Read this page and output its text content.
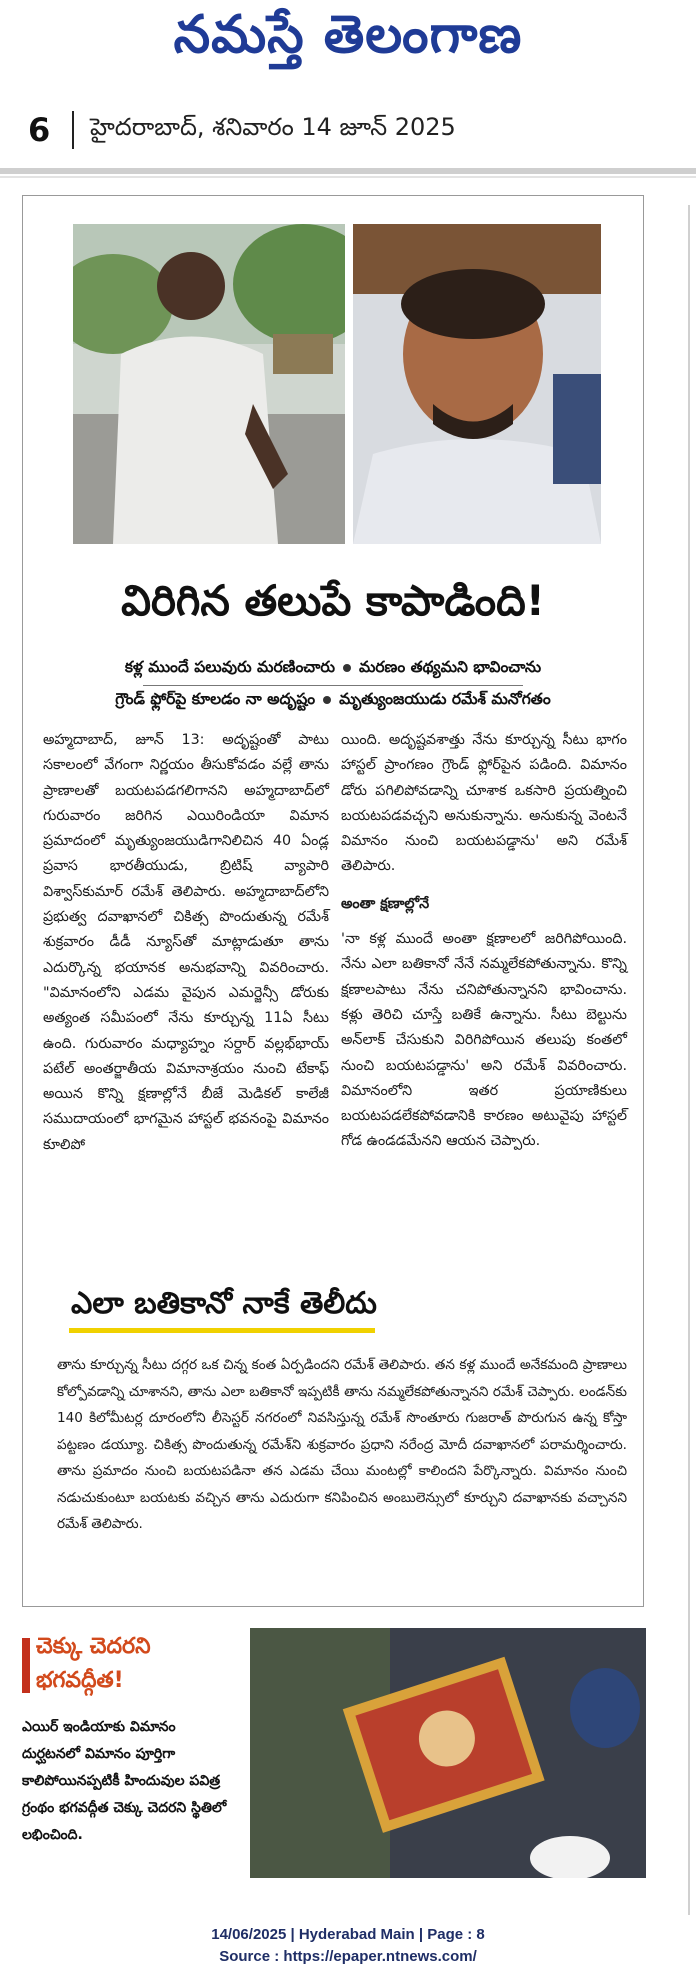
నమస్తే తెలంగాణ
6	హైదరాబాద్, శనివారం 14 జూన్ 2025
విరిగిన తలుపే కాపాడింది!
కళ్ల ముందే పలువురు మరణించారు మరణం తథ్యమని భావించాను
గ్రౌండ్ ఫ్లోర్‌పై కూలడం నా అదృష్టం మృత్యుంజయుడు రమేశ్ మనోగతం
అహ్మదాబాద్, జూన్ 13: అదృష్టంతో పాటు సకాలంలో వేగంగా నిర్ణయం తీసుకోవడం వల్లే తాను ప్రాణాలతో బయటపడగలిగానని అహ్మదాబాద్‌లో గురువారం జరిగిన ఎయిరిండియా విమాన ప్రమాదంలో మృత్యుంజయుడిగానిలిచిన 40 ఏండ్ల ప్రవాస భారతీయుడు, బ్రిటిష్ వ్యాపారి విశ్వాస్‌కుమార్ రమేశ్ తెలిపారు. అహ్మదాబాద్‌లోని ప్రభుత్వ దవాఖానలో చికిత్స పొందుతున్న రమేశ్ శుక్రవారం డీడీ న్యూస్‌తో మాట్లాడుతూ తాను ఎదుర్కొన్న భయానక అనుభవాన్ని వివరించారు. "విమానంలోని ఎడమ వైపున ఎమర్జెన్సీ డోరుకు అత్యంత సమీపంలో నేను కూర్చున్న 11ఏ సీటు ఉంది. గురువారం మధ్యాహ్నం సర్దార్ వల్లభ్‌భాయ్ పటేల్ అంతర్జాతీయ విమానాశ్రయం నుంచి టేకాఫ్ అయిన కొన్ని క్షణాల్లోనే బీజే మెడికల్ కాలేజీ సముదాయంలో భాగమైన హాస్టల్ భవనంపై విమానం కూలిపో
యింది. అదృష్టవశాత్తు నేను కూర్చున్న సీటు భాగం హాస్టల్ ప్రాంగణం గ్రౌండ్ ఫ్లోర్‌పైన పడింది. విమానం డోరు పగిలిపోవడాన్ని చూశాక ఒకసారి ప్రయత్నించి బయటపడవచ్చని అనుకున్నాను. అనుకున్న వెంటనే విమానం నుంచి బయటపడ్డాను' అని రమేశ్ తెలిపారు.
అంతా క్షణాల్లోనే
'నా కళ్ల ముందే అంతా క్షణాలలో జరిగిపోయింది. నేను ఎలా బతికానో నేనే నమ్మలేకపోతున్నాను. కొన్ని క్షణాలపాటు నేను చనిపోతున్నానని భావించాను. కళ్లు తెరిచి చూస్తే బతికే ఉన్నాను. సీటు బెల్టును అన్‌లాక్ చేసుకుని విరిగిపోయిన తలుపు కంతలో నుంచి బయటపడ్డాను' అని రమేశ్ వివరించారు. విమానంలోని ఇతర ప్రయాణికులు బయటపడలేకపోవడానికి కారణం అటువైపు హాస్టల్ గోడ ఉండడమేనని ఆయన చెప్పారు.
ఎలా బతికానో నాకే తెలీదు
తాను కూర్చున్న సీటు దగ్గర ఒక చిన్న కంత ఏర్పడిందని రమేశ్ తెలిపారు. తన కళ్ల ముందే అనేకమంది ప్రాణాలు కోల్పోవడాన్ని చూశానని, తాను ఎలా బతికానో ఇప్పటికీ తాను నమ్మలేకపోతున్నానని రమేశ్ చెప్పారు. లండన్‌కు 140 కిలోమీటర్ల దూరంలోని లీసెస్టర్ నగరంలో నివసిస్తున్న రమేశ్ సొంతూరు గుజరాత్ పొరుగున ఉన్న కోస్తా పట్టణం డయ్యూ. చికిత్స పొందుతున్న రమేశ్‌ని శుక్రవారం ప్రధాని నరేంద్ర మోదీ దవాఖానలో పరామర్శించారు. తాను ప్రమాదం నుంచి బయటపడినా తన ఎడమ చేయి మంటల్లో కాలిందని పేర్కొన్నారు. విమానం నుంచి నడుచుకుంటూ బయటకు వచ్చిన తాను ఎదురుగా కనిపించిన అంబులెన్సులో కూర్చుని దవాఖానకు వచ్చానని రమేశ్ తెలిపారు.
చెక్కు చెదరని భగవద్గీత!
ఎయిర్ ఇండియాకు విమానం దుర్ఘటనలో విమానం పూర్తిగా కాలిపోయినప్పటికీ హిందువుల పవిత్ర గ్రంథం భగవద్గీత చెక్కు చెదరని స్థితిలో లభించింది.
14/06/2025 | Hyderabad Main | Page : 8
Source : https://epaper.ntnews.com/
